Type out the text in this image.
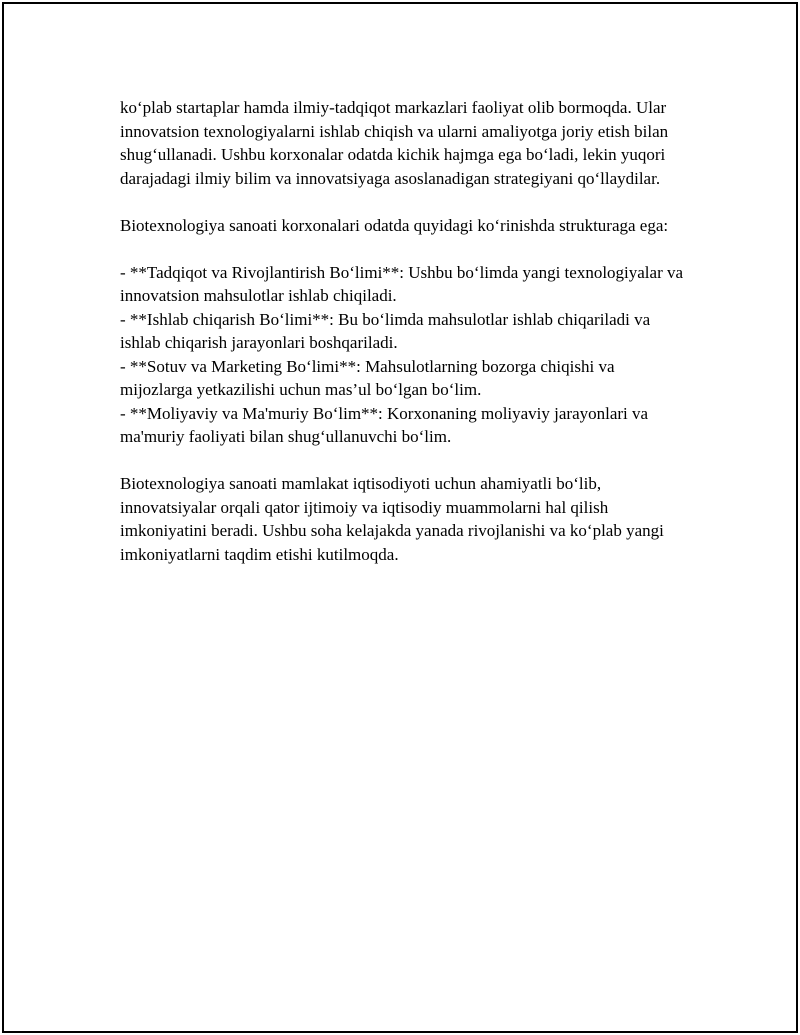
ko‘plab startaplar hamda ilmiy-tadqiqot markazlari faoliyat olib bormoqda. Ular innovatsion texnologiyalarni ishlab chiqish va ularni amaliyotga joriy etish bilan shug‘ullanadi. Ushbu korxonalar odatda kichik hajmga ega bo‘ladi, lekin yuqori darajadagi ilmiy bilim va innovatsiyaga asoslanadigan strategiyani qo‘llaydilar.

Biotexnologiya sanoati korxonalari odatda quyidagi ko‘rinishda strukturaga ega:

- **Tadqiqot va Rivojlantirish Bo‘limi**: Ushbu bo‘limda yangi texnologiyalar va innovatsion mahsulotlar ishlab chiqiladi.

- **Ishlab chiqarish Bo‘limi**: Bu bo‘limda mahsulotlar ishlab chiqariladi va ishlab chiqarish jarayonlari boshqariladi.

- **Sotuv va Marketing Bo‘limi**: Mahsulotlarning bozorga chiqishi va mijozlarga yetkazilishi uchun mas’ul bo‘lgan bo‘lim.

- **Moliyaviy va Ma'muriy Bo‘lim**: Korxonaning moliyaviy jarayonlari va ma'muriy faoliyati bilan shug‘ullanuvchi bo‘lim.

Biotexnologiya sanoati mamlakat iqtisodiyoti uchun ahamiyatli bo‘lib, innovatsiyalar orqali qator ijtimoiy va iqtisodiy muammolarni hal qilish imkoniyatini beradi. Ushbu soha kelajakda yanada rivojlanishi va ko‘plab yangi imkoniyatlarni taqdim etishi kutilmoqda.
